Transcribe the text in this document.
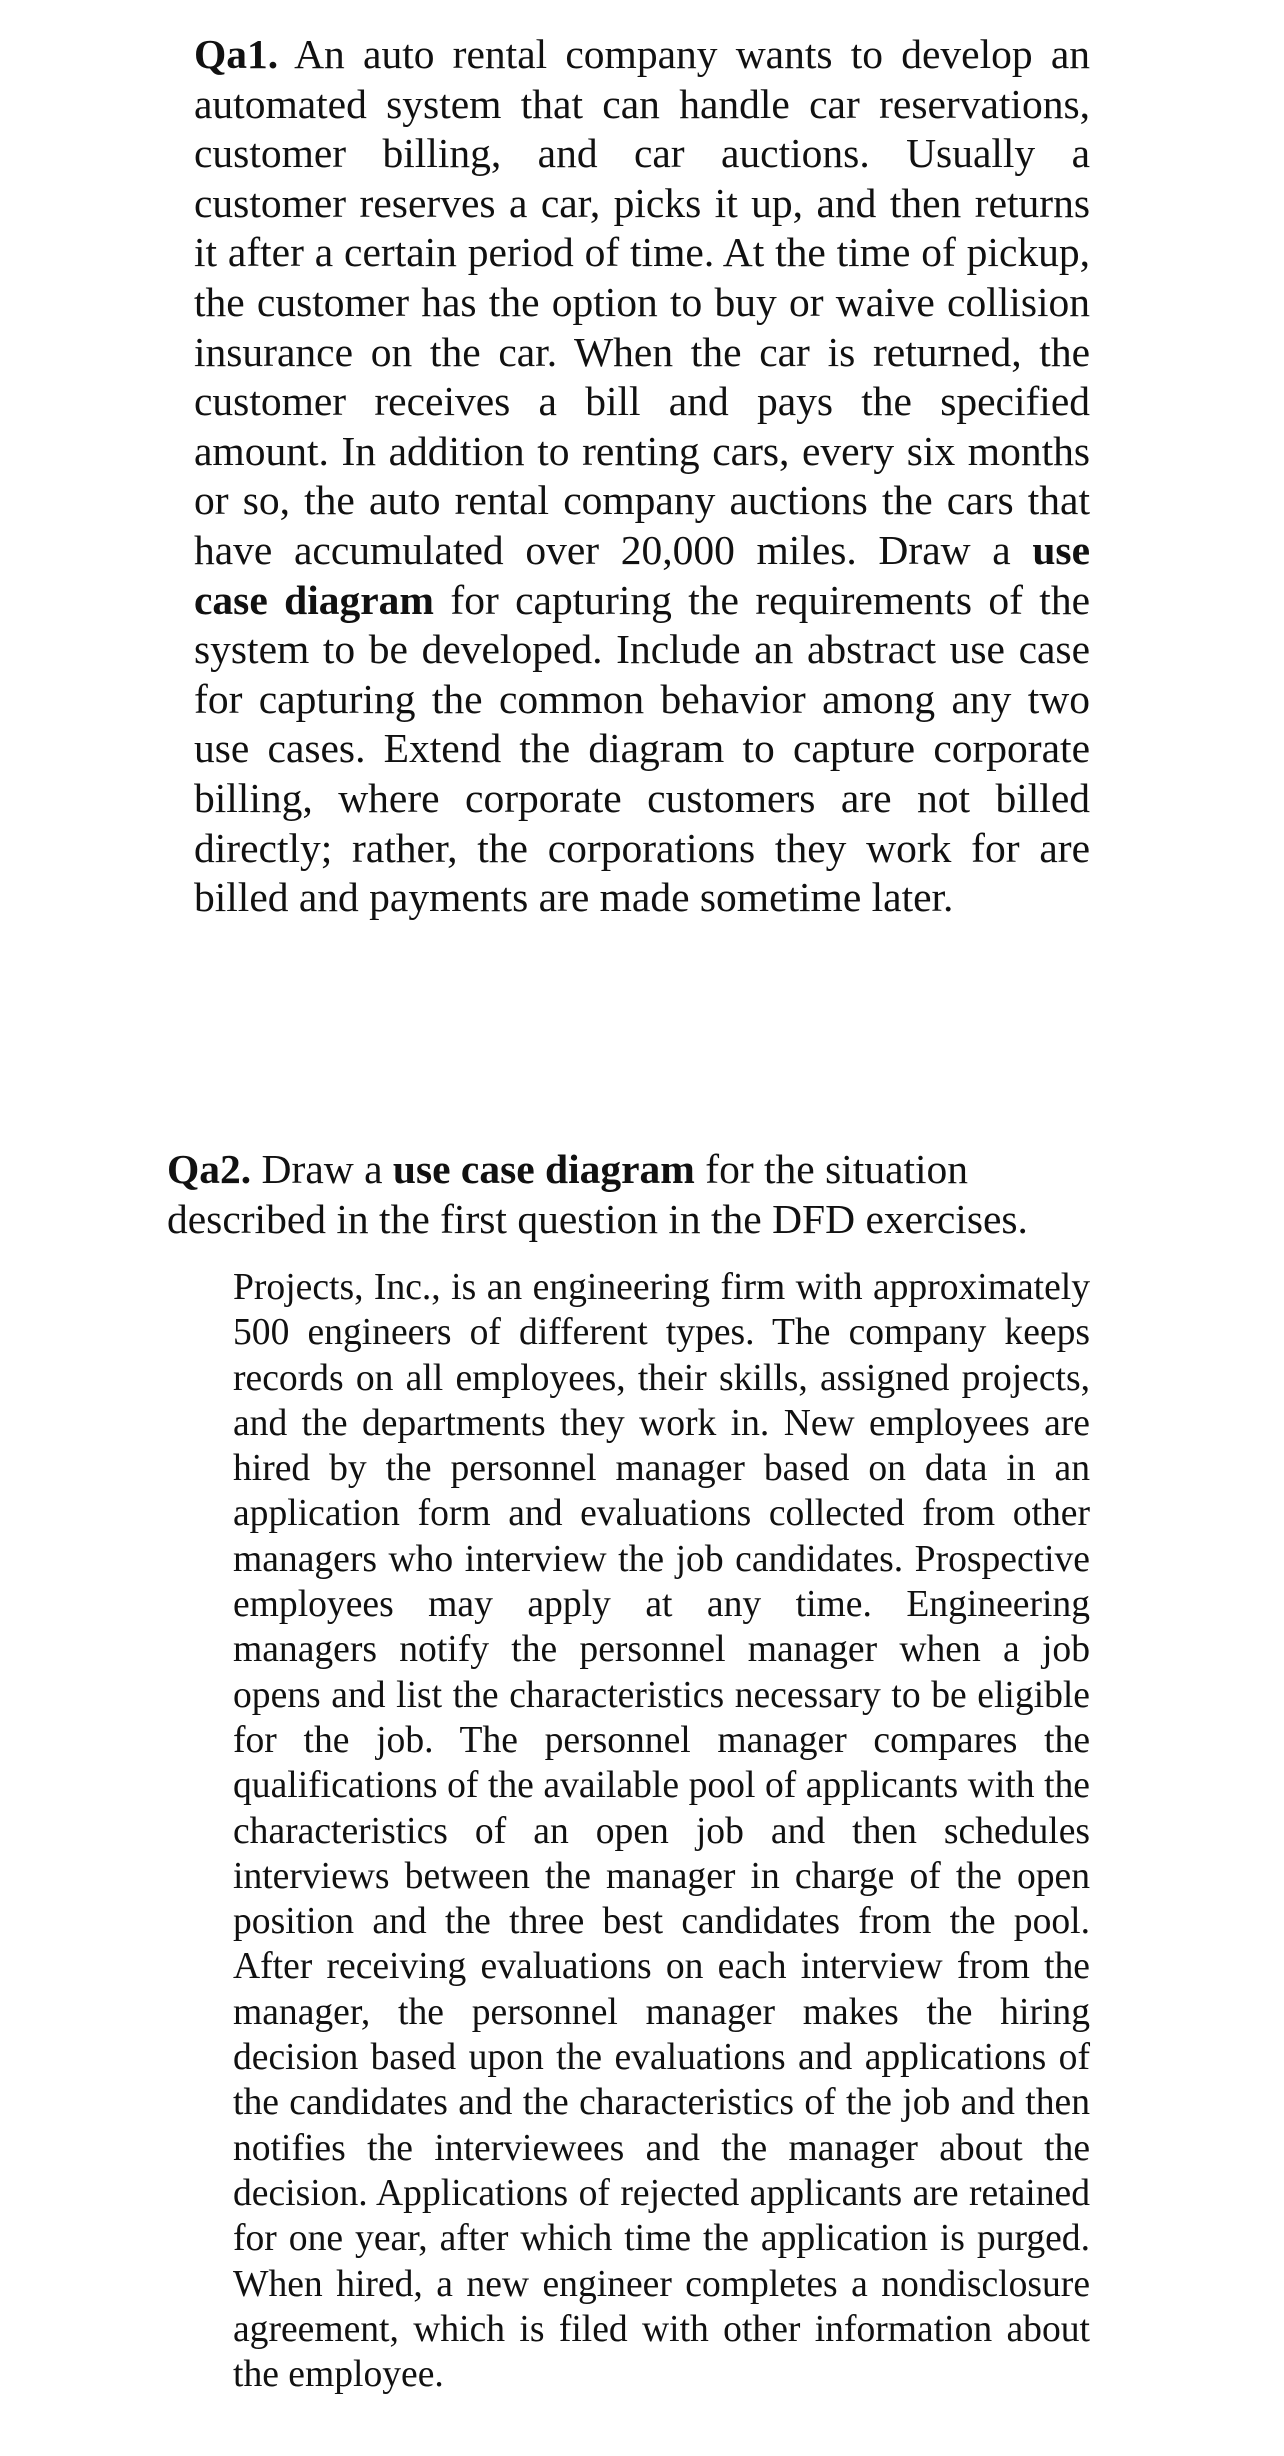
Qa1. An auto rental company wants to develop an automated system that can handle car reservations, customer billing, and car auctions. Usually a customer reserves a car, picks it up, and then returns it after a certain period of time. At the time of pickup, the customer has the option to buy or waive collision insurance on the car. When the car is returned, the customer receives a bill and pays the specified amount. In addition to renting cars, every six months or so, the auto rental company auctions the cars that have accumulated over 20,000 miles. Draw a use case diagram for capturing the requirements of the system to be developed. Include an abstract use case for capturing the common behavior among any two use cases. Extend the diagram to capture corporate billing, where corporate customers are not billed directly; rather, the corporations they work for are billed and payments are made sometime later.

Qa2. Draw a use case diagram for the situation described in the first question in the DFD exercises.

Projects, Inc., is an engineering firm with approximately 500 engineers of different types. The company keeps records on all employees, their skills, assigned projects, and the departments they work in. New employees are hired by the personnel manager based on data in an application form and evaluations collected from other managers who interview the job candidates. Prospective employees may apply at any time. Engineering managers notify the personnel manager when a job opens and list the characteristics necessary to be eligible for the job. The personnel manager compares the qualifications of the available pool of applicants with the characteristics of an open job and then schedules interviews between the manager in charge of the open position and the three best candidates from the pool. After receiving evaluations on each interview from the manager, the personnel manager makes the hiring decision based upon the evaluations and applications of the candidates and the characteristics of the job and then notifies the interviewees and the manager about the decision. Applications of rejected applicants are retained for one year, after which time the application is purged. When hired, a new engineer completes a nondisclosure agreement, which is filed with other information about the employee.
